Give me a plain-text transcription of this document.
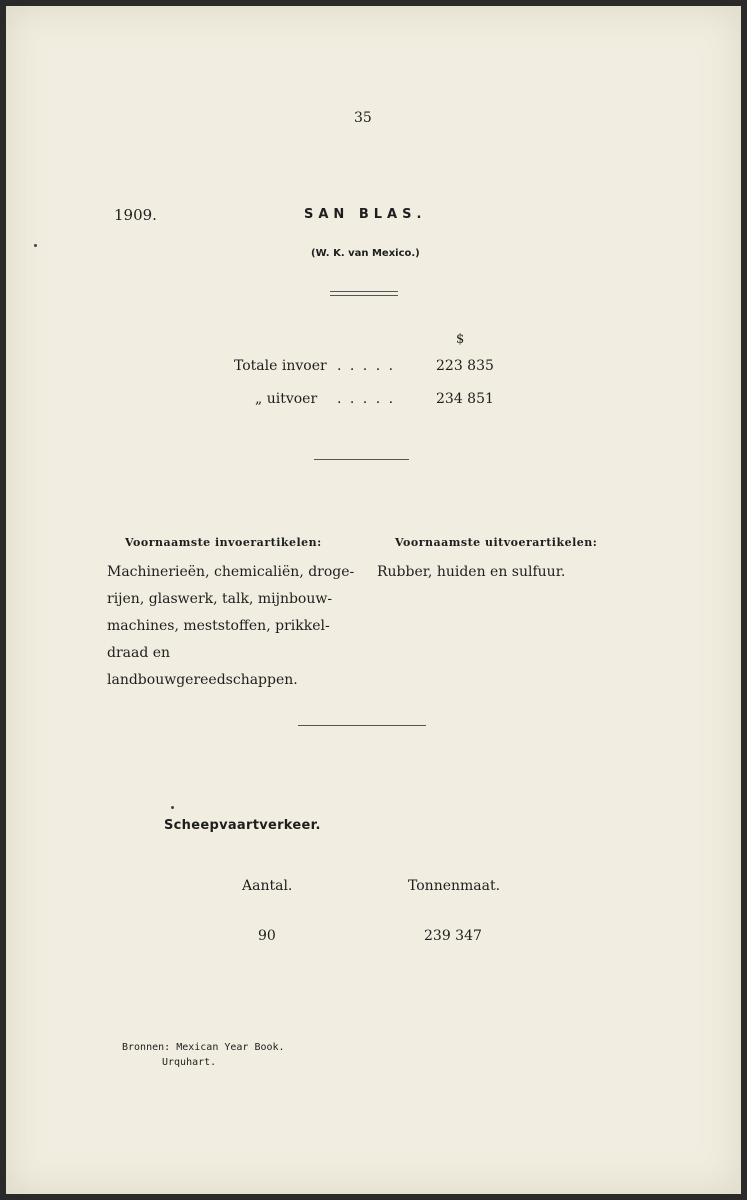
35
1909.	SAN BLAS.
(W. K. van Mexico.)
$
Totale invoer . . . . .	223 835
„ uitvoer . . . . .	234 851
Voornaamste invoerartikelen:	Voornaamste uitvoerartikelen:
Machinerieën, chemicaliën, droge-
rijen, glaswerk, talk, mijnbouw-
machines, meststoffen, prikkel-
draad en landbouwgereedschappen.
Rubber, huiden en sulfuur.
Scheepvaartverkeer.
Aantal.	Tonnenmaat.
90	239 347
Bronnen: Mexican Year Book.
Urquhart.
